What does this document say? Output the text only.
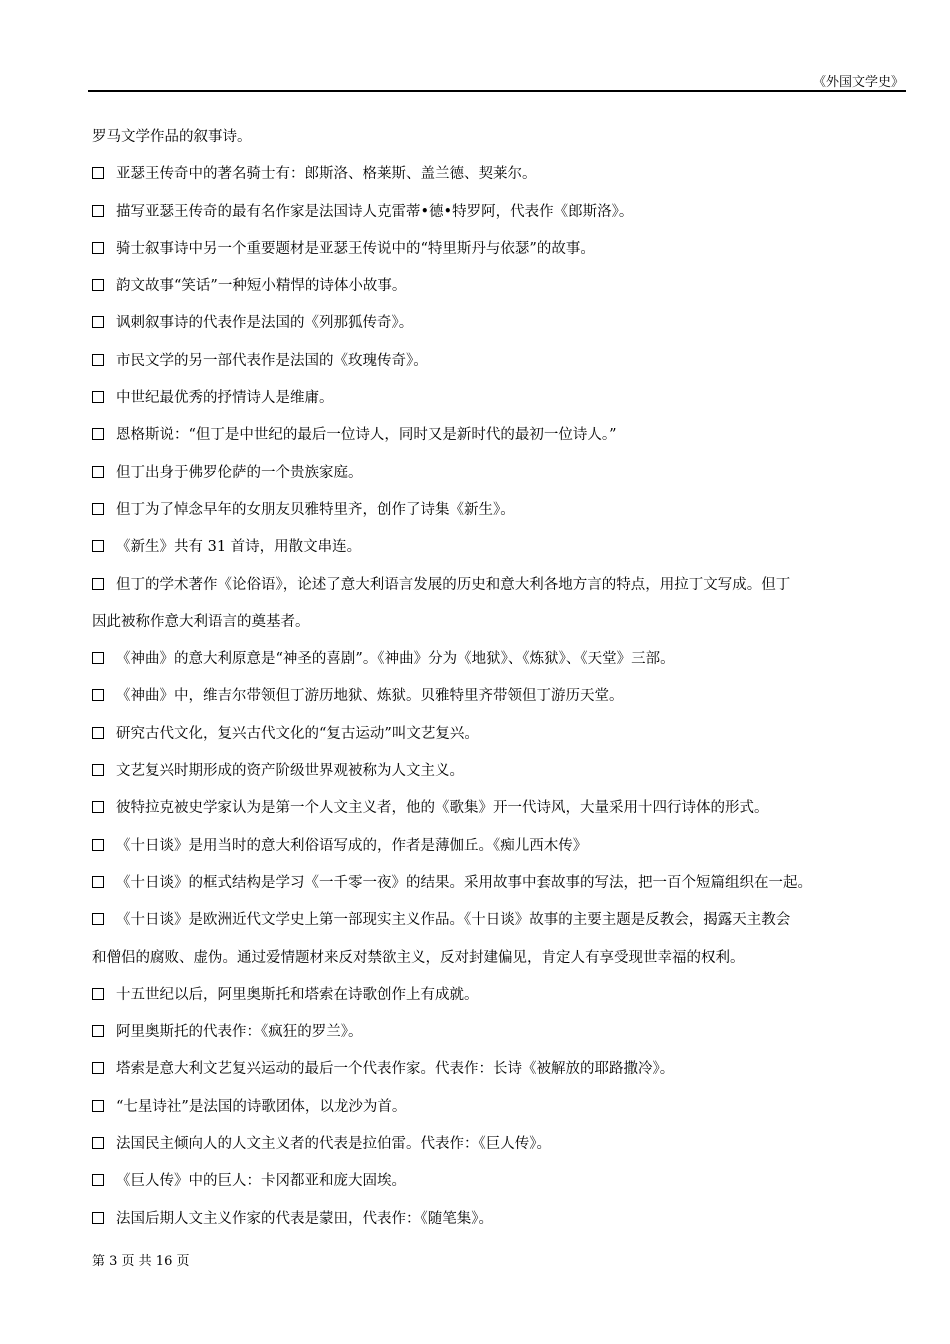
《外国文学史》
罗马文学作品的叙事诗。
亚瑟王传奇中的著名骑士有：郎斯洛、格莱斯、盖兰德、契莱尔。
描写亚瑟王传奇的最有名作家是法国诗人克雷蒂•德•特罗阿，代表作《郎斯洛》。
骑士叙事诗中另一个重要题材是亚瑟王传说中的“特里斯丹与依瑟”的故事。
韵文故事“笑话”一种短小精悍的诗体小故事。
讽刺叙事诗的代表作是法国的《列那狐传奇》。
市民文学的另一部代表作是法国的《玫瑰传奇》。
中世纪最优秀的抒情诗人是维庸。
恩格斯说：“但丁是中世纪的最后一位诗人，同时又是新时代的最初一位诗人。”
但丁出身于佛罗伦萨的一个贵族家庭。
但丁为了悼念早年的女朋友贝雅特里齐，创作了诗集《新生》。
《新生》共有 31 首诗，用散文串连。
但丁的学术著作《论俗语》，论述了意大利语言发展的历史和意大利各地方言的特点，用拉丁文写成。但丁
因此被称作意大利语言的奠基者。
《神曲》的意大利原意是“神圣的喜剧”。《神曲》分为《地狱》、《炼狱》、《天堂》三部。
《神曲》中，维吉尔带领但丁游历地狱、炼狱。贝雅特里齐带领但丁游历天堂。
研究古代文化，复兴古代文化的“复古运动”叫文艺复兴。
文艺复兴时期形成的资产阶级世界观被称为人文主义。
彼特拉克被史学家认为是第一个人文主义者，他的《歌集》开一代诗风，大量采用十四行诗体的形式。
《十日谈》是用当时的意大利俗语写成的，作者是薄伽丘。《痴儿西木传》
《十日谈》的框式结构是学习《一千零一夜》的结果。采用故事中套故事的写法，把一百个短篇组织在一起。
《十日谈》是欧洲近代文学史上第一部现实主义作品。《十日谈》故事的主要主题是反教会，揭露天主教会
和僧侣的腐败、虚伪。通过爱情题材来反对禁欲主义，反对封建偏见，肯定人有享受现世幸福的权利。
十五世纪以后，阿里奥斯托和塔索在诗歌创作上有成就。
阿里奥斯托的代表作：《疯狂的罗兰》。
塔索是意大利文艺复兴运动的最后一个代表作家。代表作：长诗《被解放的耶路撒冷》。
“七星诗社”是法国的诗歌团体，以龙沙为首。
法国民主倾向人的人文主义者的代表是拉伯雷。代表作：《巨人传》。
《巨人传》中的巨人：卡冈都亚和庞大固埃。
法国后期人文主义作家的代表是蒙田，代表作：《随笔集》。
第 3 页 共 16 页
